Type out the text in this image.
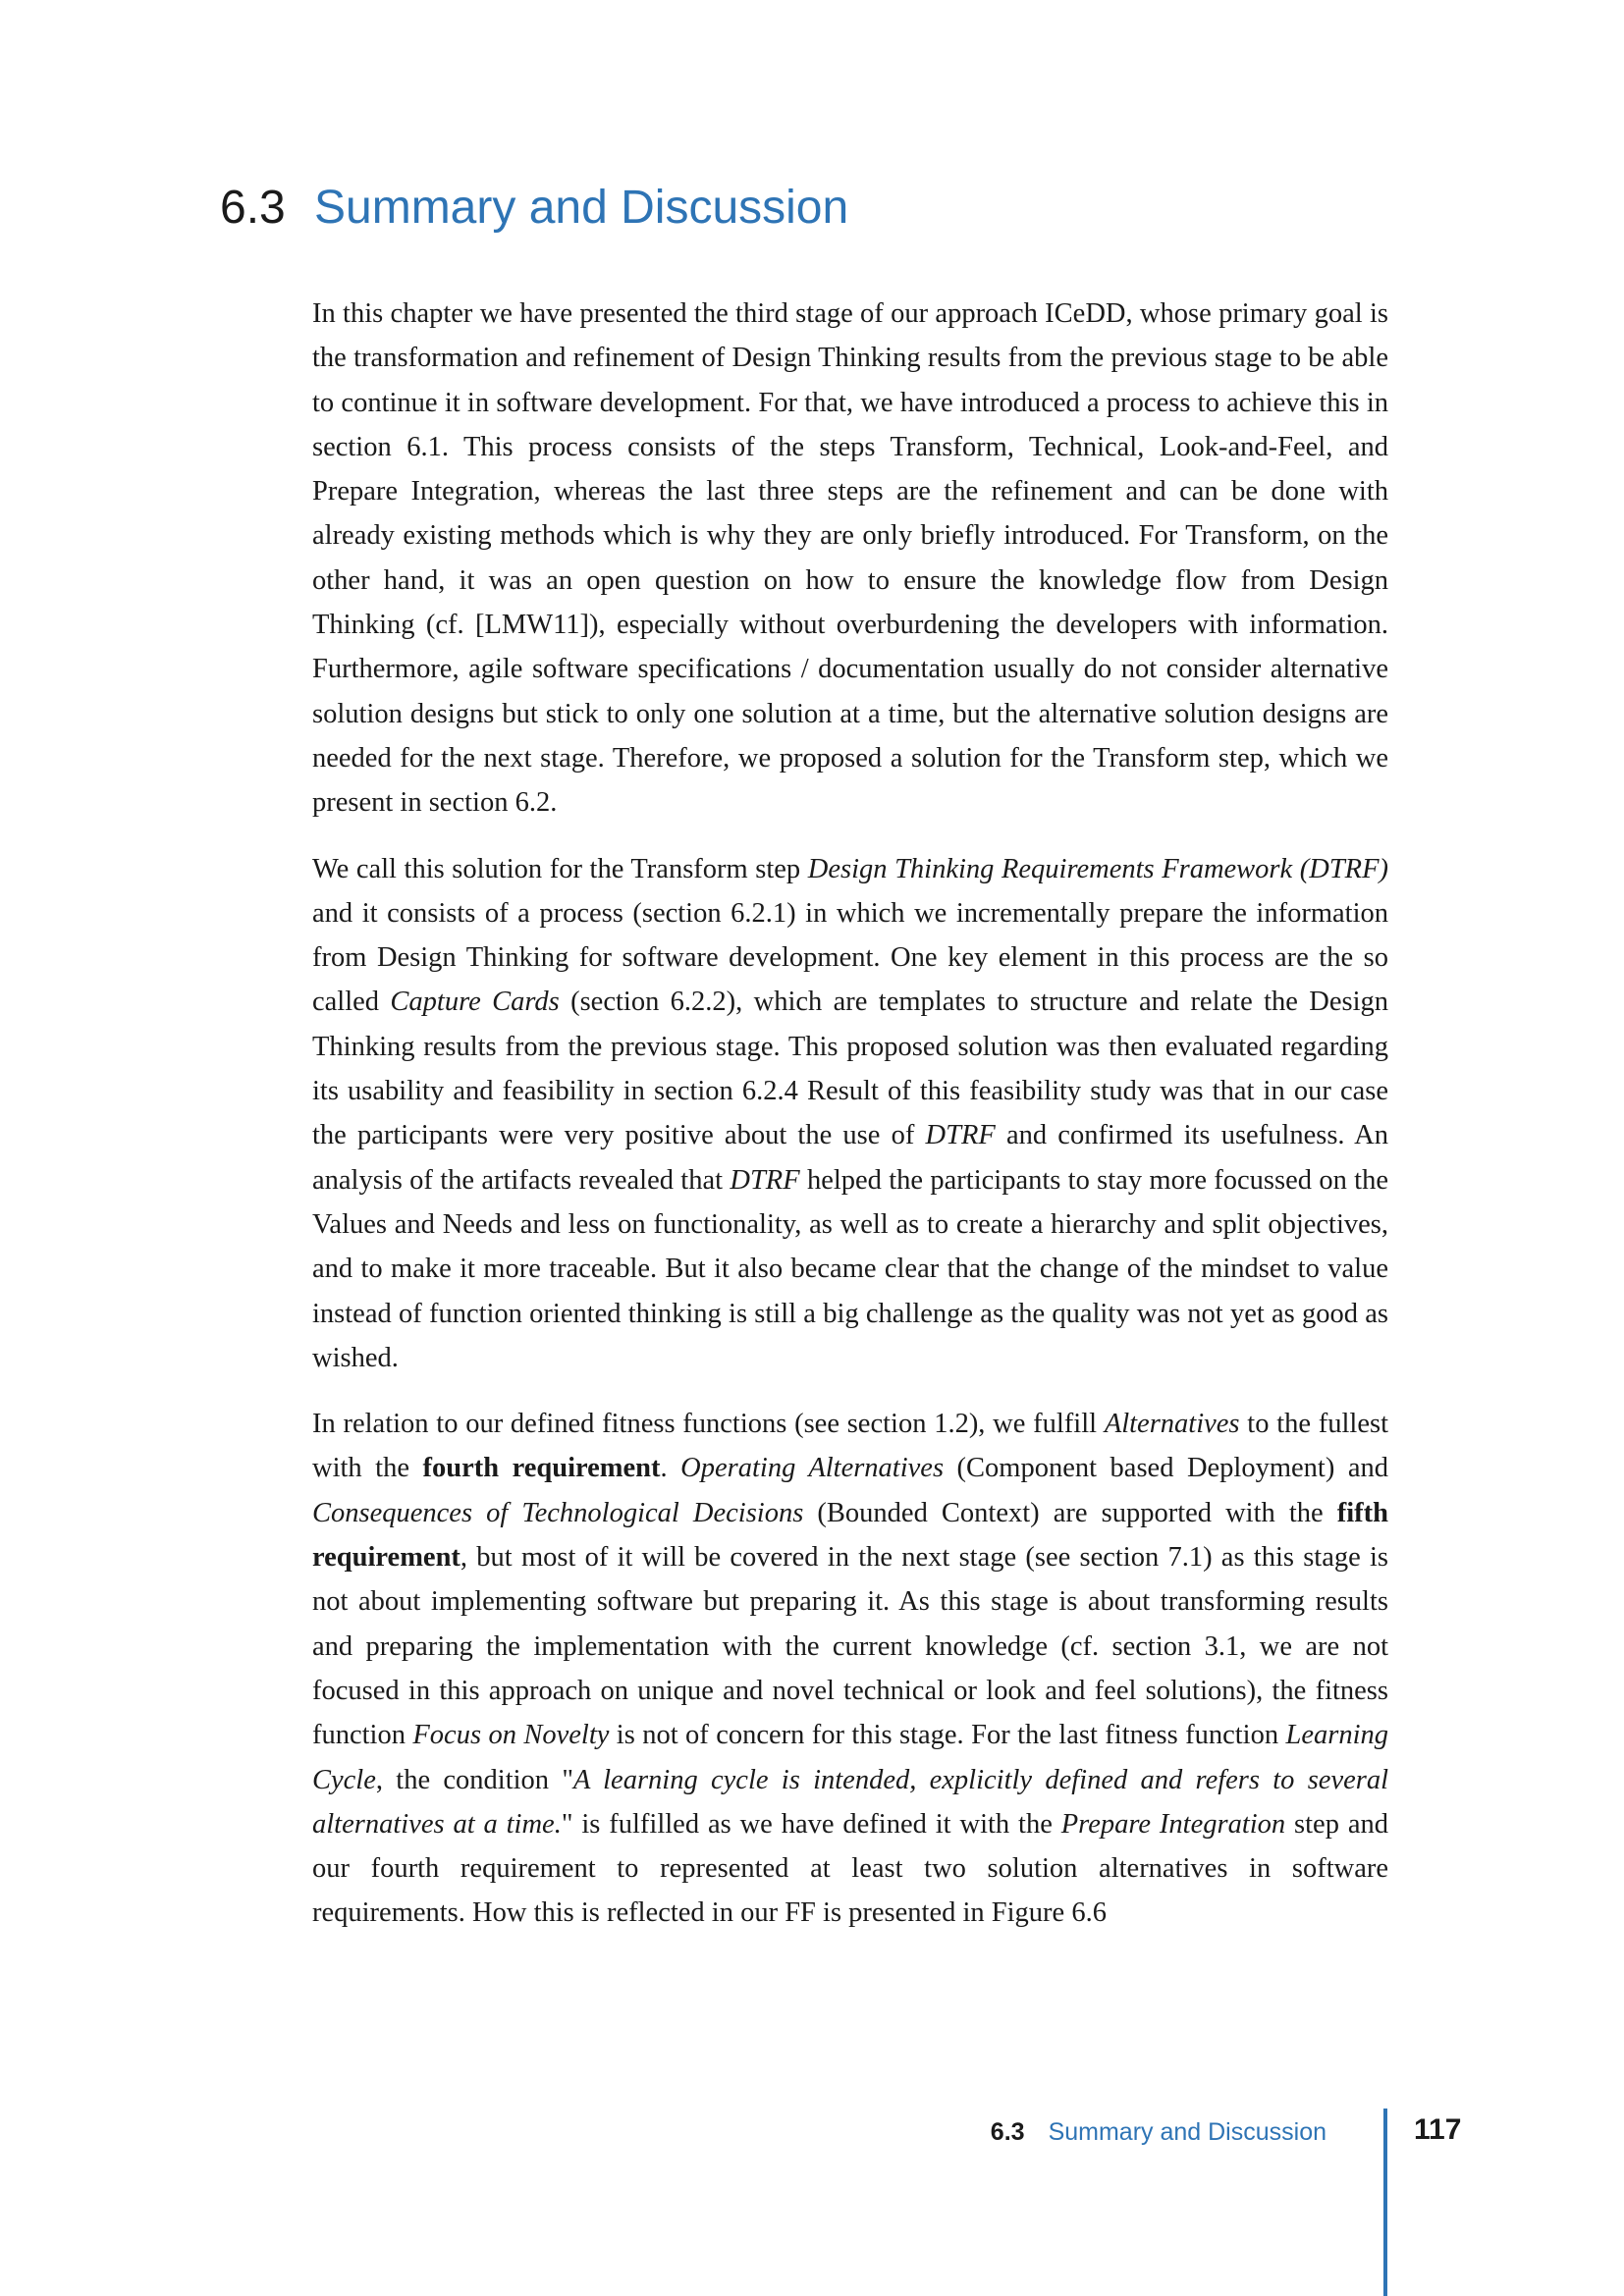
6.3 Summary and Discussion

In this chapter we have presented the third stage of our approach ICeDD, whose primary goal is the transformation and refinement of Design Thinking results from the previous stage to be able to continue it in software development. For that, we have introduced a process to achieve this in section 6.1. This process consists of the steps Transform, Technical, Look-and-Feel, and Prepare Integration, whereas the last three steps are the refinement and can be done with already existing methods which is why they are only briefly introduced. For Transform, on the other hand, it was an open question on how to ensure the knowledge flow from Design Thinking (cf. [LMW11]), especially without overburdening the developers with information. Furthermore, agile software specifications / documentation usually do not consider alternative solution designs but stick to only one solution at a time, but the alternative solution designs are needed for the next stage. Therefore, we proposed a solution for the Transform step, which we present in section 6.2.

We call this solution for the Transform step Design Thinking Requirements Framework (DTRF) and it consists of a process (section 6.2.1) in which we incrementally prepare the information from Design Thinking for software development. One key element in this process are the so called Capture Cards (section 6.2.2), which are templates to structure and relate the Design Thinking results from the previous stage. This proposed solution was then evaluated regarding its usability and feasibility in section 6.2.4 Result of this feasibility study was that in our case the participants were very positive about the use of DTRF and confirmed its usefulness. An analysis of the artifacts revealed that DTRF helped the participants to stay more focussed on the Values and Needs and less on functionality, as well as to create a hierarchy and split objectives, and to make it more traceable. But it also became clear that the change of the mindset to value instead of function oriented thinking is still a big challenge as the quality was not yet as good as wished.

In relation to our defined fitness functions (see section 1.2), we fulfill Alternatives to the fullest with the fourth requirement. Operating Alternatives (Component based Deployment) and Consequences of Technological Decisions (Bounded Context) are supported with the fifth requirement, but most of it will be covered in the next stage (see section 7.1) as this stage is not about implementing software but preparing it. As this stage is about transforming results and preparing the implementation with the current knowledge (cf. section 3.1, we are not focused in this approach on unique and novel technical or look and feel solutions), the fitness function Focus on Novelty is not of concern for this stage. For the last fitness function Learning Cycle, the condition "A learning cycle is intended, explicitly defined and refers to several alternatives at a time." is fulfilled as we have defined it with the Prepare Integration step and our fourth requirement to represented at least two solution alternatives in software requirements. How this is reflected in our FF is presented in Figure 6.6

6.3 Summary and Discussion	117
